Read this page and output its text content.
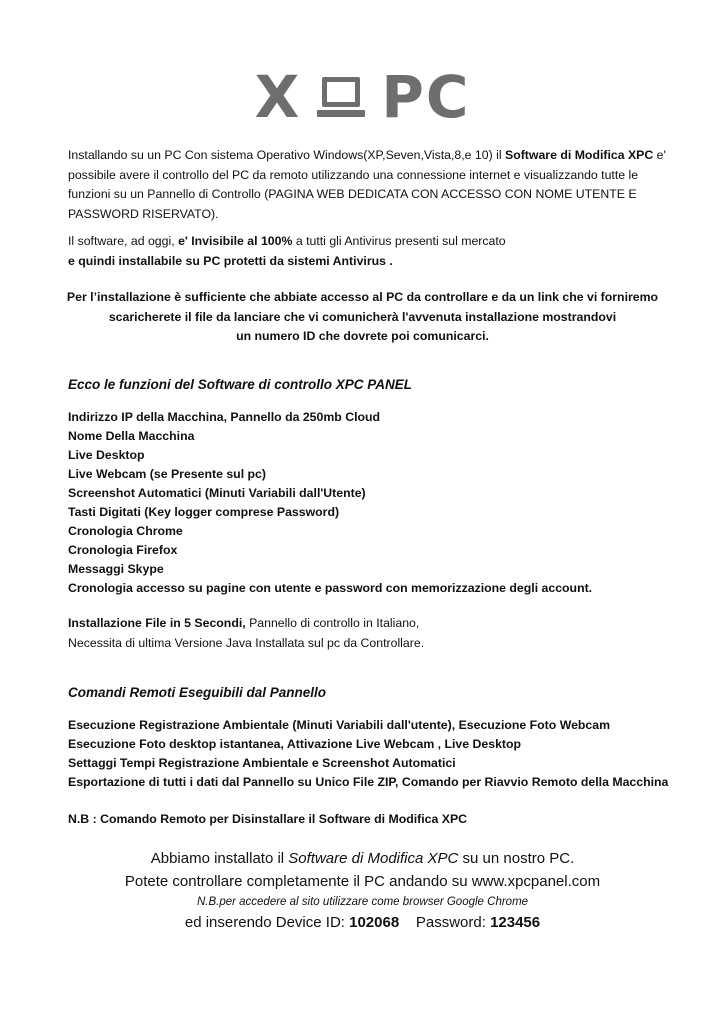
X PC

Installando su un PC Con sistema Operativo Windows(XP,Seven,Vista,8,e 10) il Software di Modifica XPC e' possibile avere il controllo del PC da remoto utilizzando una connessione internet e visualizzando tutte le funzioni su un Pannello di Controllo (PAGINA WEB DEDICATA CON ACCESSO CON NOME UTENTE E PASSWORD RISERVATO).

Il software, ad oggi, e' Invisibile al 100% a tutti gli Antivirus presenti sul mercato
e quindi installabile su PC protetti da sistemi Antivirus .

Per l’installazione è sufficiente che abbiate accesso al PC da controllare e da un link che vi forniremo
scaricherete il file da lanciare che vi comunicherà l'avvenuta installazione mostrandovi
un numero ID che dovrete poi comunicarci.

Ecco le funzioni del Software di controllo XPC PANEL

Indirizzo IP della Macchina, Pannello da 250mb Cloud
Nome Della Macchina
Live Desktop
Live Webcam (se Presente sul pc)
Screenshot Automatici (Minuti Variabili dall'Utente)
Tasti Digitati (Key logger comprese Password)
Cronologia Chrome
Cronologia Firefox
Messaggi Skype
Cronologia accesso su pagine con utente e password con memorizzazione degli account.

Installazione File in 5 Secondi, Pannello di controllo in Italiano,
Necessita di ultima Versione Java Installata sul pc da Controllare.

Comandi Remoti Eseguibili dal Pannello

Esecuzione Registrazione Ambientale (Minuti Variabili dall'utente), Esecuzione Foto Webcam
Esecuzione Foto desktop istantanea, Attivazione Live Webcam , Live Desktop
Settaggi Tempi Registrazione Ambientale e Screenshot Automatici
Esportazione di tutti i dati dal Pannello su Unico File ZIP, Comando per Riavvio Remoto della Macchina

N.B : Comando Remoto per Disinstallare il Software di Modifica XPC

Abbiamo installato il Software di Modifica XPC su un nostro PC.

Potete controllare completamente il PC andando su www.xpcpanel.com

N.B.per accedere al sito utilizzare come browser Google Chrome

ed inserendo Device ID: 102068    Password: 123456
